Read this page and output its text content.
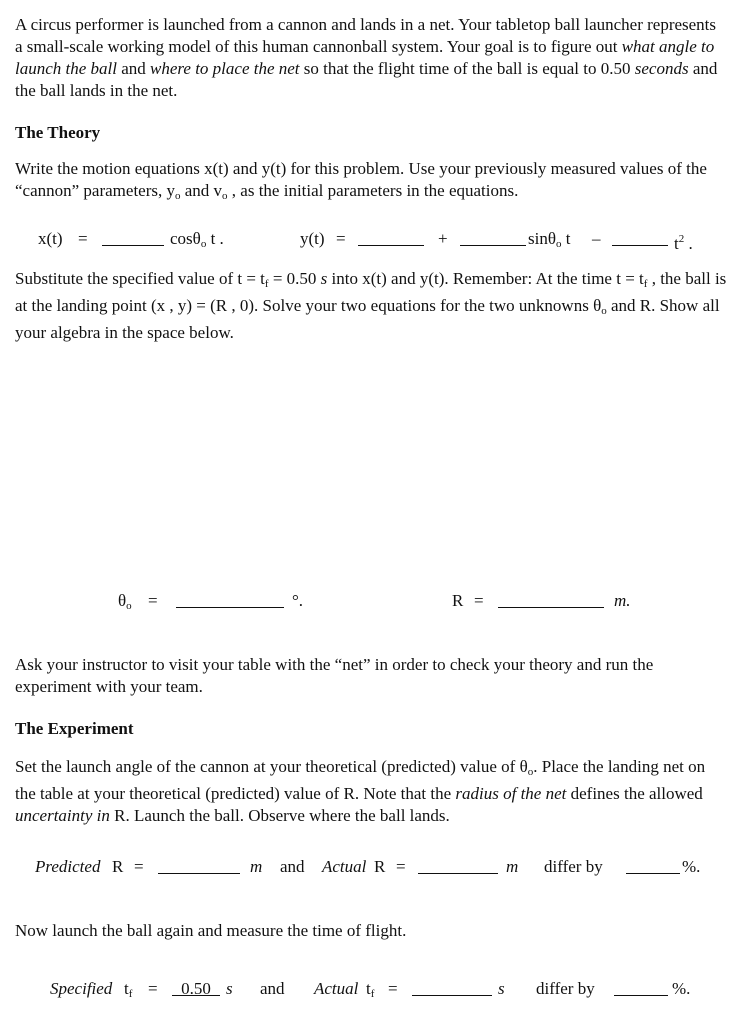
A circus performer is launched from a cannon and lands in a net. Your tabletop ball launcher represents a small-scale working model of this human cannonball system. Your goal is to figure out what angle to launch the ball and where to place the net so that the flight time of the ball is equal to 0.50 seconds and the ball lands in the net.

The Theory

Write the motion equations x(t) and y(t) for this problem. Use your previously measured values of the “cannon” parameters, $y_o$ and $v_o$ , as the initial parameters in the equations.

x(t) =	cosθ$_o$ t .	y(t) =	+	sinθ$_o$ t –	$t^2$ .

Substitute the specified value of $t = t_f = 0.50$ s into x(t) and y(t). Remember: At the time $t = t_f$ , the ball is at the landing point (x , y) = (R , 0). Solve your two equations for the two unknowns $\theta_o$ and R. Show all your algebra in the space below.

$\theta_o$ =	°.	R =	m.

Ask your instructor to visit your table with the “net” in order to check your theory and run the experiment with your team.

The Experiment

Set the launch angle of the cannon at your theoretical (predicted) value of $\theta_o$. Place the landing net on the table at your theoretical (predicted) value of R. Note that the radius of the net defines the allowed uncertainty in R. Launch the ball. Observe where the ball lands.

Predicted R =	m and Actual R =	m differ by	%.

Now launch the ball again and measure the time of flight.

Specified $t_f$ =	0.50 s and Actual $t_f$ =	s differ by	%.
